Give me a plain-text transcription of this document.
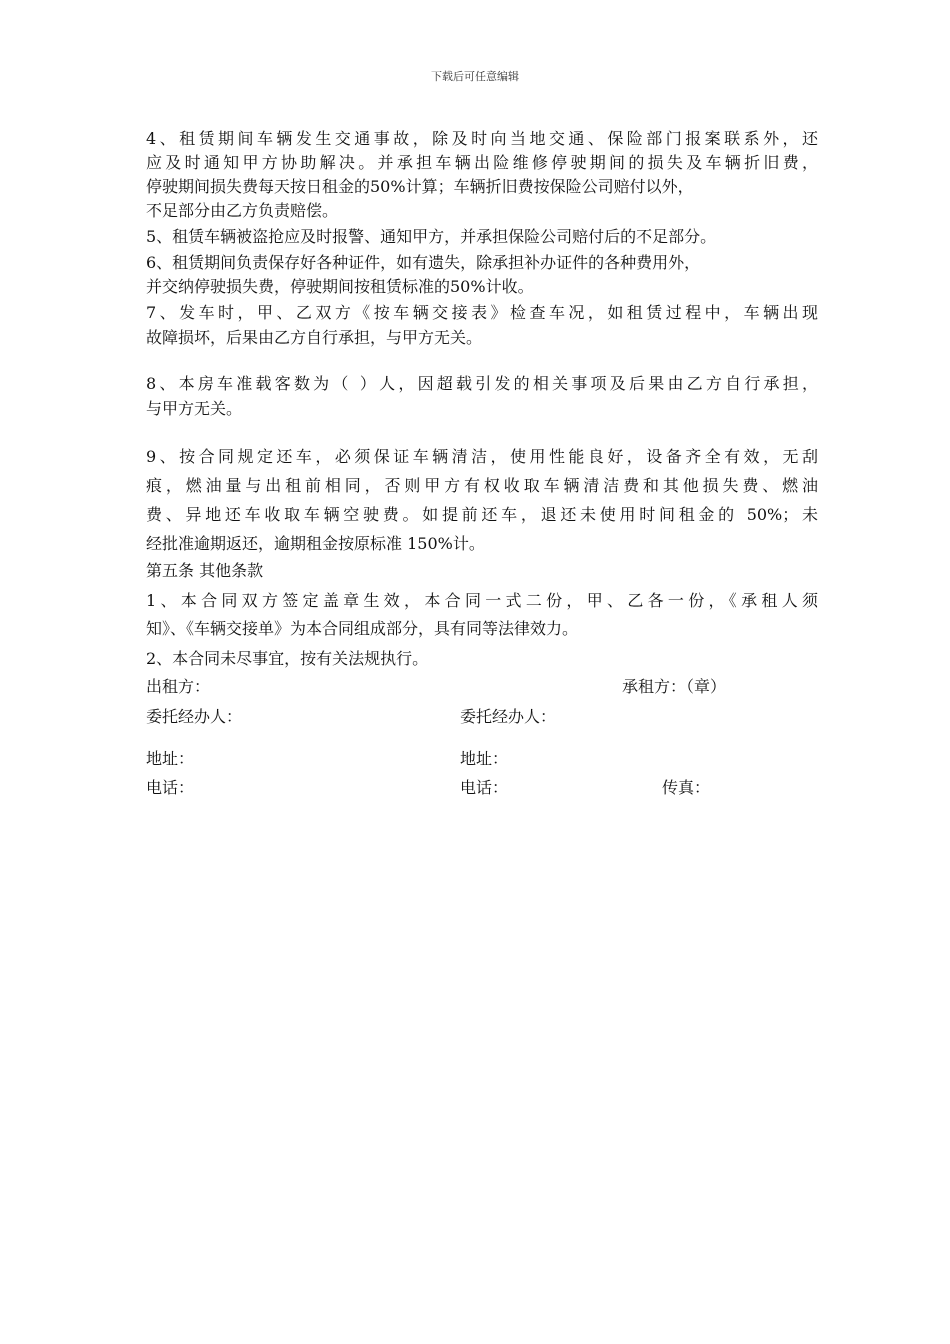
下载后可任意编辑
4、租赁期间车辆发生交通事故，除及时向当地交通、保险部门报案联系外，还
应及时通知甲方协助解决。并承担车辆出险维修停驶期间的损失及车辆折旧费，
停驶期间损失费每天按日租金的50%计算；车辆折旧费按保险公司赔付以外，
不足部分由乙方负责赔偿。
5、租赁车辆被盗抢应及时报警、通知甲方，并承担保险公司赔付后的不足部分。
6、租赁期间负责保存好各种证件，如有遗失，除承担补办证件的各种费用外，
并交纳停驶损失费，停驶期间按租赁标准的50%计收。
7、发车时，甲、乙双方《按车辆交接表》检查车况，如租赁过程中，车辆出现
故障损坏，后果由乙方自行承担，与甲方无关。
8、本房车准载客数为（ ）人，因超载引发的相关事项及后果由乙方自行承担，
与甲方无关。
9、按合同规定还车，必须保证车辆清洁，使用性能良好，设备齐全有效，无刮
痕，燃油量与出租前相同，否则甲方有权收取车辆清洁费和其他损失费、燃油
费、异地还车收取车辆空驶费。如提前还车，退还未使用时间租金的 50%；未
经批准逾期返还，逾期租金按原标准 150%计。
第五条 其他条款
1、本合同双方签定盖章生效，本合同一式二份，甲、乙各一份，《承租人须
知》、《车辆交接单》为本合同组成部分，具有同等法律效力。
2、本合同未尽事宜，按有关法规执行。
出租方：	承租方：（章）
委托经办人：	委托经办人：
地址：	地址：
电话：	电话：	传真：
